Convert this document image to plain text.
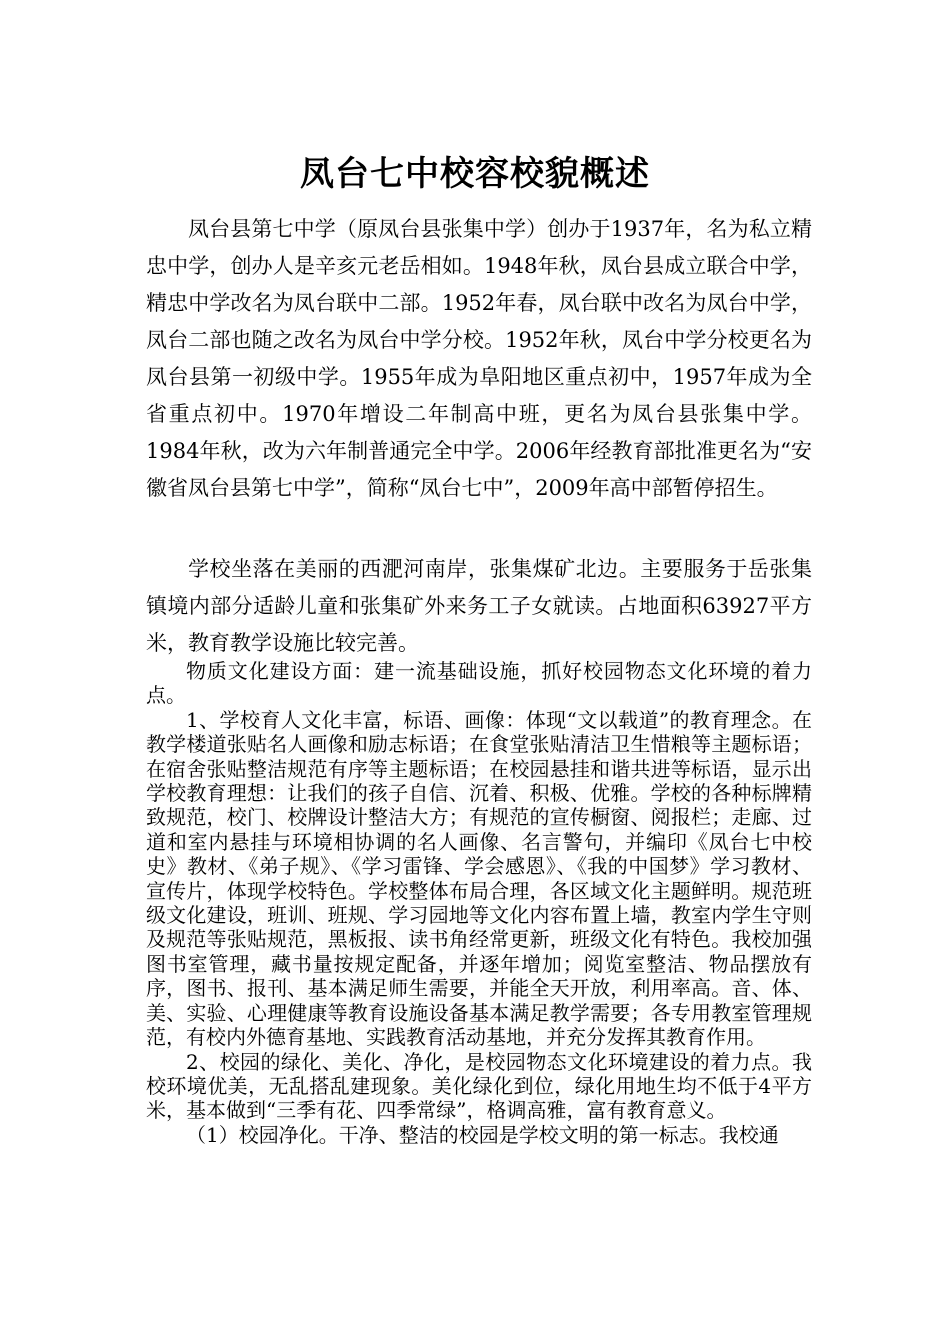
凤台七中校容校貌概述

凤台县第七中学（原凤台县张集中学）创办于1937年，名为私立精忠中学，创办人是辛亥元老岳相如。1948年秋，凤台县成立联合中学，精忠中学改名为凤台联中二部。1952年春，凤台联中改名为凤台中学，凤台二部也随之改名为凤台中学分校。1952年秋，凤台中学分校更名为凤台县第一初级中学。1955年成为阜阳地区重点初中，1957年成为全省重点初中。1970年增设二年制高中班，更名为凤台县张集中学。1984年秋，改为六年制普通完全中学。2006年经教育部批准更名为“安徽省凤台县第七中学”，简称“凤台七中”，2009年高中部暂停招生。

学校坐落在美丽的西淝河南岸，张集煤矿北边。主要服务于岳张集镇境内部分适龄儿童和张集矿外来务工子女就读。占地面积63927平方米，教育教学设施比较完善。

物质文化建设方面：建一流基础设施，抓好校园物态文化环境的着力点。

1、学校育人文化丰富，标语、画像：体现“文以载道”的教育理念。在教学楼道张贴名人画像和励志标语；在食堂张贴清洁卫生惜粮等主题标语；在宿舍张贴整洁规范有序等主题标语；在校园悬挂和谐共进等标语，显示出学校教育理想：让我们的孩子自信、沉着、积极、优雅。学校的各种标牌精致规范，校门、校牌设计整洁大方；有规范的宣传橱窗、阅报栏；走廊、过道和室内悬挂与环境相协调的名人画像、名言警句，并编印《凤台七中校史》教材、《弟子规》、《学习雷锋、学会感恩》、《我的中国梦》学习教材、宣传片，体现学校特色。学校整体布局合理，各区域文化主题鲜明。规范班级文化建设，班训、班规、学习园地等文化内容布置上墙，教室内学生守则及规范等张贴规范，黑板报、读书角经常更新，班级文化有特色。我校加强图书室管理，藏书量按规定配备，并逐年增加；阅览室整洁、物品摆放有序，图书、报刊、基本满足师生需要，并能全天开放，利用率高。音、体、美、实验、心理健康等教育设施设备基本满足教学需要；各专用教室管理规范，有校内外德育基地、实践教育活动基地，并充分发挥其教育作用。

2、校园的绿化、美化、净化，是校园物态文化环境建设的着力点。我校环境优美，无乱搭乱建现象。美化绿化到位，绿化用地生均不低于4平方米，基本做到“三季有花、四季常绿”，格调高雅，富有教育意义。

（1）校园净化。干净、整洁的校园是学校文明的第一标志。我校通
